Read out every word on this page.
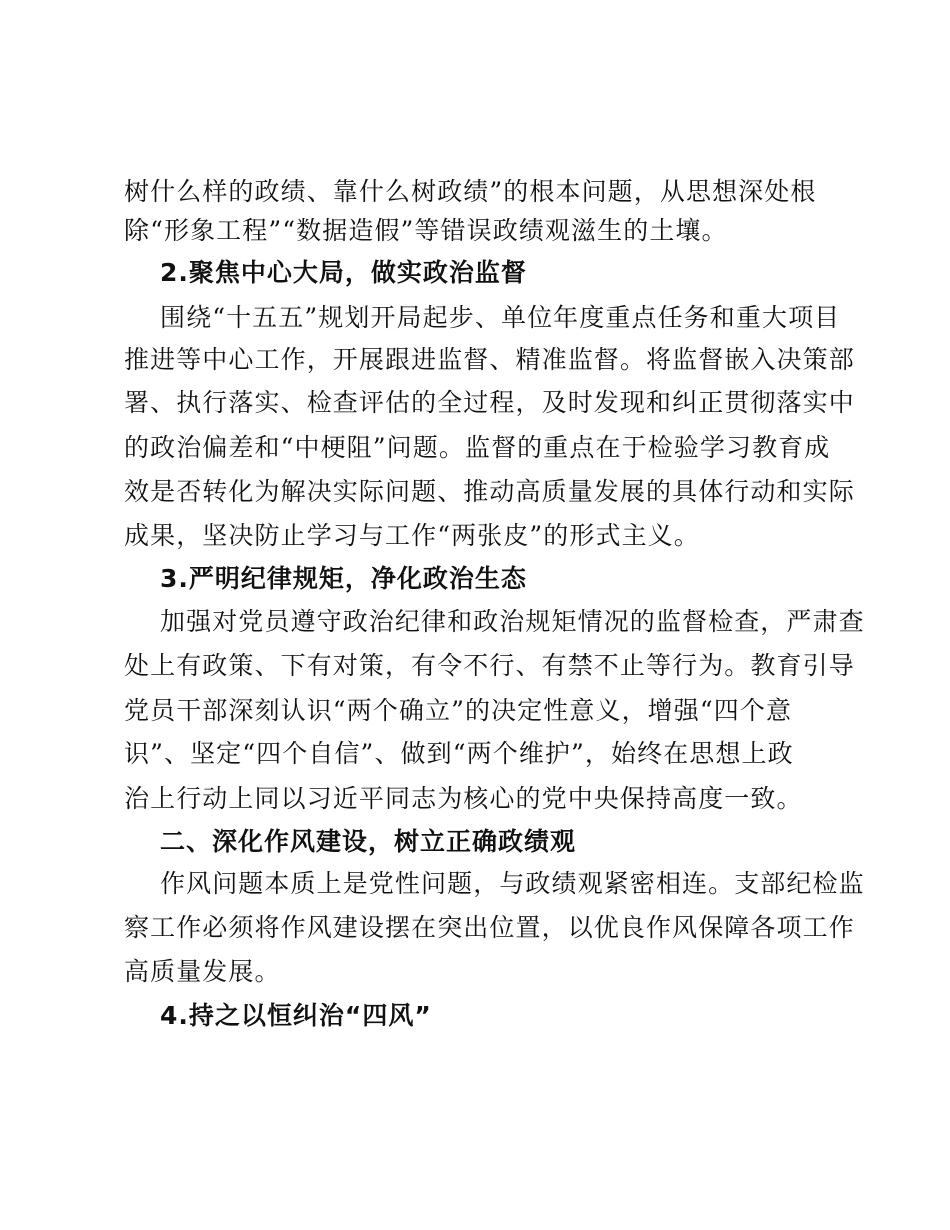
树什么样的政绩、靠什么树政绩”的根本问题，从思想深处根
除“形象工程”“数据造假”等错误政绩观滋生的土壤。
2.聚焦中心大局，做实政治监督
围绕“十五五”规划开局起步、单位年度重点任务和重大项目
推进等中心工作，开展跟进监督、精准监督。将监督嵌入决策部
署、执行落实、检查评估的全过程，及时发现和纠正贯彻落实中
的政治偏差和“中梗阻”问题。监督的重点在于检验学习教育成
效是否转化为解决实际问题、推动高质量发展的具体行动和实际
成果，坚决防止学习与工作“两张皮”的形式主义。
3.严明纪律规矩，净化政治生态
加强对党员遵守政治纪律和政治规矩情况的监督检查，严肃查
处上有政策、下有对策，有令不行、有禁不止等行为。教育引导
党员干部深刻认识“两个确立”的决定性意义，增强“四个意
识”、坚定“四个自信”、做到“两个维护”，始终在思想上政
治上行动上同以习近平同志为核心的党中央保持高度一致。
二、深化作风建设，树立正确政绩观
作风问题本质上是党性问题，与政绩观紧密相连。支部纪检监
察工作必须将作风建设摆在突出位置，以优良作风保障各项工作
高质量发展。
4.持之以恒纠治“四风”
